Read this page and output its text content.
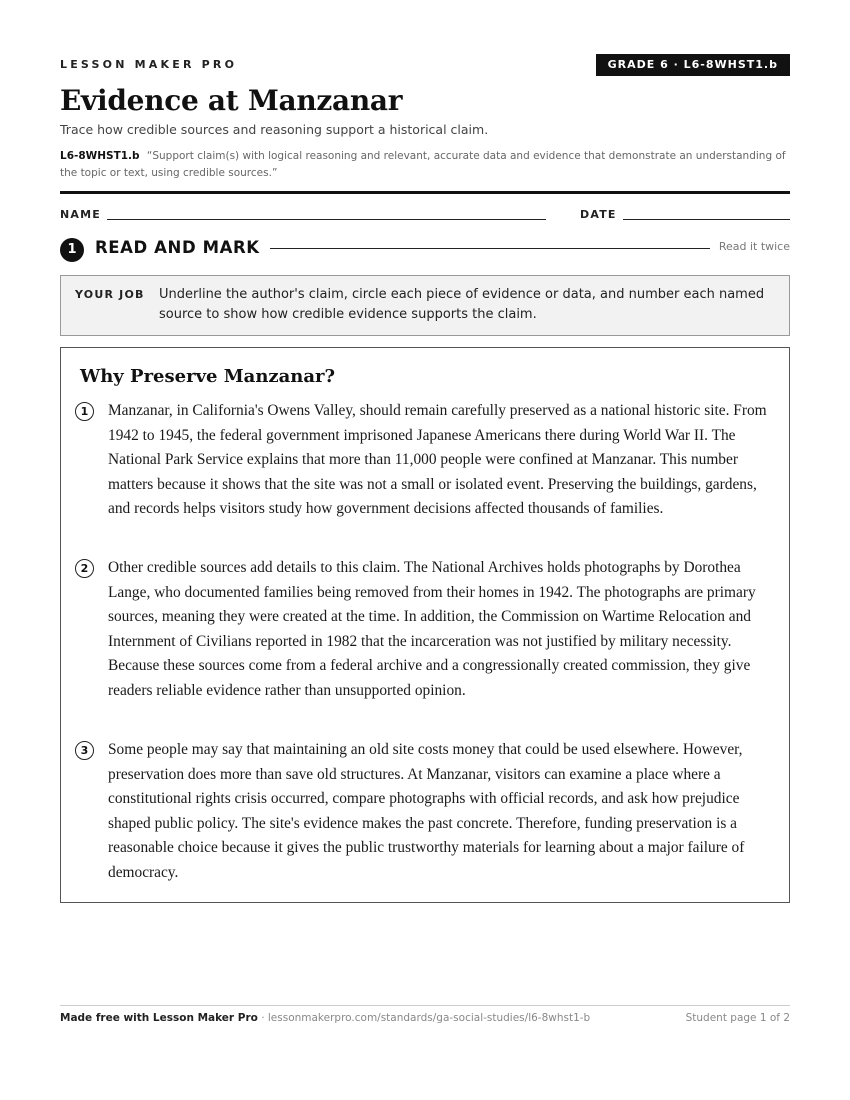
LESSON MAKER PRO	GRADE 6 · L6-8WHST1.b
Evidence at Manzanar
Trace how credible sources and reasoning support a historical claim.
L6-8WHST1.b “Support claim(s) with logical reasoning and relevant, accurate data and evidence that demonstrate an understanding of the topic or text, using credible sources.”
NAME	DATE
1	READ AND MARK	Read it twice
YOUR JOB Underline the author's claim, circle each piece of evidence or data, and number each named source to show how credible evidence supports the claim.
Why Preserve Manzanar?
1	Manzanar, in California's Owens Valley, should remain carefully preserved as a national historic site. From 1942 to 1945, the federal government imprisoned Japanese Americans there during World War II. The National Park Service explains that more than 11,000 people were confined at Manzanar. This number matters because it shows that the site was not a small or isolated event. Preserving the buildings, gardens, and records helps visitors study how government decisions affected thousands of families.

2	Other credible sources add details to this claim. The National Archives holds photographs by Dorothea Lange, who documented families being removed from their homes in 1942. The photographs are primary sources, meaning they were created at the time. In addition, the Commission on Wartime Relocation and Internment of Civilians reported in 1982 that the incarceration was not justified by military necessity. Because these sources come from a federal archive and a congressionally created commission, they give readers reliable evidence rather than unsupported opinion.

3	Some people may say that maintaining an old site costs money that could be used elsewhere. However, preservation does more than save old structures. At Manzanar, visitors can examine a place where a constitutional rights crisis occurred, compare photographs with official records, and ask how prejudice shaped public policy. The site's evidence makes the past concrete. Therefore, funding preservation is a reasonable choice because it gives the public trustworthy materials for learning about a major failure of democracy.

Made free with Lesson Maker Pro · lessonmakerpro.com/standards/ga-social-studies/l6-8whst1-b	Student page 1 of 2
